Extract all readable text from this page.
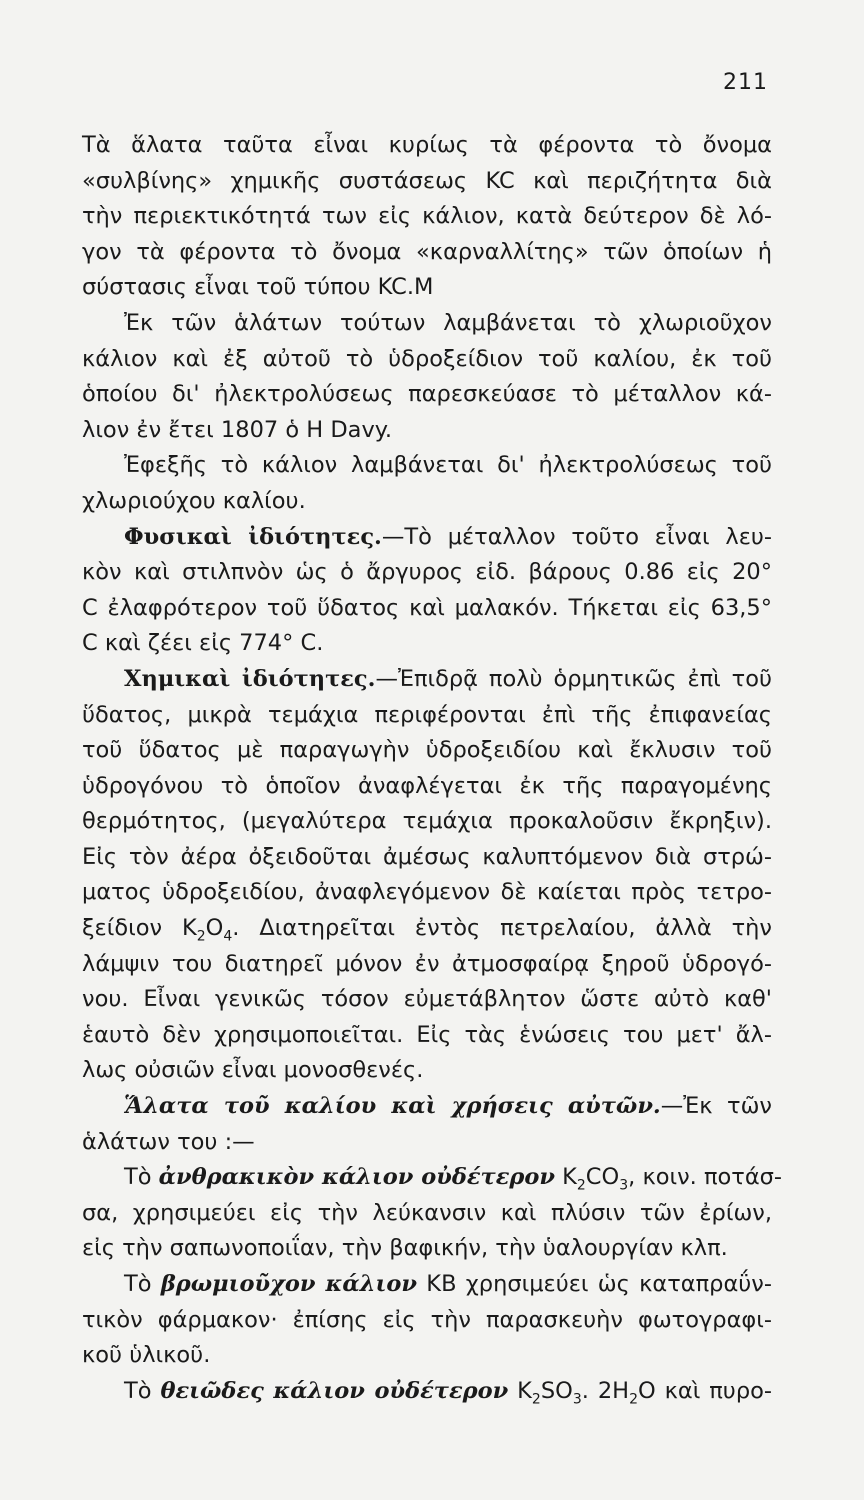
211
Τὰ ἅλατα ταῦτα εἶναι κυρίως τὰ φέροντα τὸ ὄνομα
«συλβίνης» χημικῆς συστάσεως KC καὶ περιζήτητα διὰ
τὴν περιεκτικότητά των εἰς κάλιον, κατὰ δεύτερον δὲ λό-
γον τὰ φέροντα τὸ ὄνομα «καρναλλίτης» τῶν ὁποίων ἡ
σύστασις εἶναι τοῦ τύπου KC.M
Ἐκ τῶν ἁλάτων τούτων λαμβάνεται τὸ χλωριοῦχον
κάλιον καὶ ἐξ αὐτοῦ τὸ ὑδροξείδιον τοῦ καλίου, ἐκ τοῦ
ὁποίου δι' ἠλεκτρολύσεως παρεσκεύασε τὸ μέταλλον κά-
λιον ἐν ἔτει 1807 ὁ H Davy.
Ἐφεξῆς τὸ κάλιον λαμβάνεται δι' ἠλεκτρολύσεως τοῦ
χλωριούχου καλίου.
Φυσικαὶ ἰδιότητες.—Τὸ μέταλλον τοῦτο εἶναι λευ-
κὸν καὶ στιλπνὸν ὡς ὁ ἄργυρος εἰδ. βάρους 0.86 εἰς 20°
C ἐλαφρότερον τοῦ ὕδατος καὶ μαλακόν. Τήκεται εἰς 63,5°
C καὶ ζέει εἰς 774° C.
Χημικαὶ ἰδιότητες.—Ἐπιδρᾷ πολὺ ὁρμητικῶς ἐπὶ τοῦ
ὕδατος, μικρὰ τεμάχια περιφέρονται ἐπὶ τῆς ἐπιφανείας
τοῦ ὕδατος μὲ παραγωγὴν ὑδροξειδίου καὶ ἔκλυσιν τοῦ
ὑδρογόνου τὸ ὁποῖον ἀναφλέγεται ἐκ τῆς παραγομένης
θερμότητος, (μεγαλύτερα τεμάχια προκαλοῦσιν ἔκρηξιν).
Εἰς τὸν ἀέρα ὀξειδοῦται ἀμέσως καλυπτόμενον διὰ στρώ-
ματος ὑδροξειδίου, ἀναφλεγόμενον δὲ καίεται πρὸς τετρο-
ξείδιον $K_2O_4$. Διατηρεῖται ἐντὸς πετρελαίου, ἀλλὰ τὴν
λάμψιν του διατηρεῖ μόνον ἐν ἀτμοσφαίρᾳ ξηροῦ ὑδρογό-
νου. Εἶναι γενικῶς τόσον εὐμετάβλητον ὥστε αὐτὸ καθ'
ἑαυτὸ δὲν χρησιμοποιεῖται. Εἰς τὰς ἑνώσεις του μετ' ἄλ-
λως οὐσιῶν εἶναι μονοσθενές.
Ἅλατα τοῦ καλίου καὶ χρήσεις αὐτῶν.—Ἐκ τῶν
ἁλάτων του :—
Τὸ ἀνθρακικὸν κάλιον οὐδέτερον $K_2CO_3$, κοιν. ποτάσ-
σα, χρησιμεύει εἰς τὴν λεύκανσιν καὶ πλύσιν τῶν ἐρίων,
εἰς τὴν σαπωνοποιΐαν, τὴν βαφικήν, τὴν ὑαλουργίαν κλπ.
Τὸ βρωμιοῦχον κάλιον KB χρησιμεύει ὡς καταπραΰν-
τικὸν φάρμακον· ἐπίσης εἰς τὴν παρασκευὴν φωτογραφι-
κοῦ ὑλικοῦ.
Τὸ θειῶδες κάλιον οὐδέτερον $K_2SO_3$. $2H_2O$ καὶ πυρο-
